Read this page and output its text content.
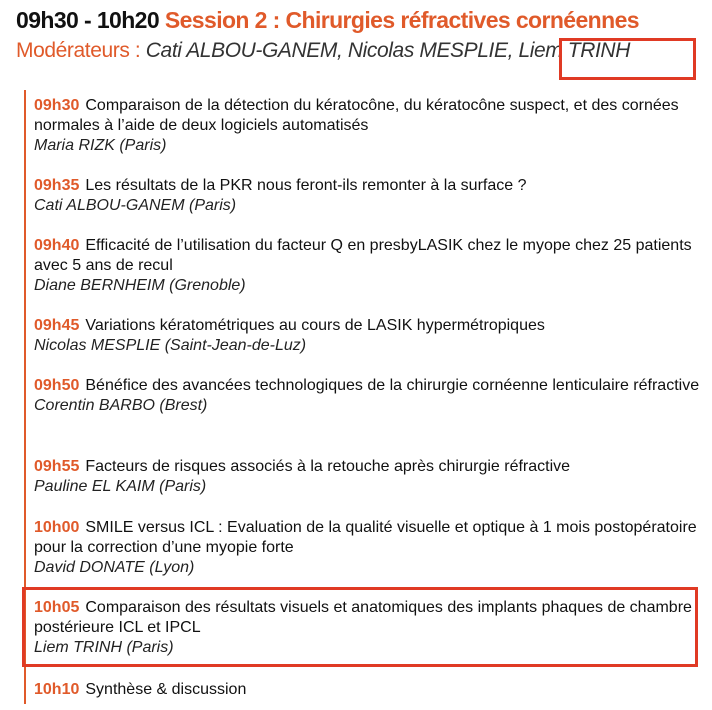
09h30 - 10h20 Session 2 : Chirurgies réfractives cornéennes
Modérateurs : Cati ALBOU-GANEM, Nicolas MESPLIE, Liem TRINH
09h30 Comparaison de la détection du kératocône, du kératocône suspect, et des cornées normales à l’aide de deux logiciels automatisés
Maria RIZK (Paris)
09h35 Les résultats de la PKR nous feront-ils remonter à la surface ?
Cati ALBOU-GANEM (Paris)
09h40 Efficacité de l’utilisation du facteur Q en presbyLASIK chez le myope chez 25 patients avec 5 ans de recul
Diane BERNHEIM (Grenoble)
09h45 Variations kératométriques au cours de LASIK hypermétropiques
Nicolas MESPLIE (Saint-Jean-de-Luz)
09h50 Bénéfice des avancées technologiques de la chirurgie cornéenne lenticulaire réfractive
Corentin BARBO (Brest)
09h55 Facteurs de risques associés à la retouche après chirurgie réfractive
Pauline EL KAIM (Paris)
10h00 SMILE versus ICL : Evaluation de la qualité visuelle et optique à 1 mois postopératoire pour la correction d’une myopie forte
David DONATE (Lyon)
10h05 Comparaison des résultats visuels et anatomiques des implants phaques de chambre postérieure ICL et IPCL
Liem TRINH (Paris)
10h10 Synthèse & discussion
